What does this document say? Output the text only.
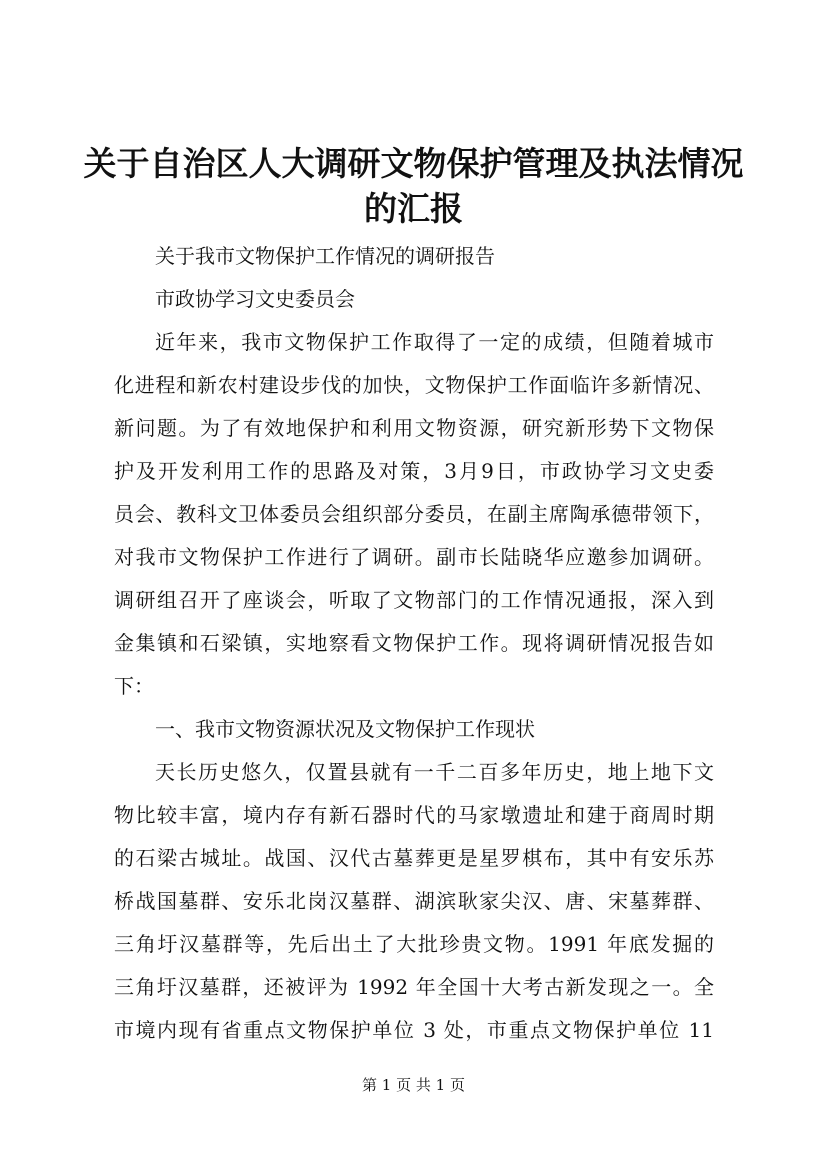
关于自治区人大调研文物保护管理及执法情况
的汇报
关于我市文物保护工作情况的调研报告
市政协学习文史委员会
近年来，我市文物保护工作取得了一定的成绩，但随着城市
化进程和新农村建设步伐的加快，文物保护工作面临许多新情况、
新问题。为了有效地保护和利用文物资源，研究新形势下文物保
护及开发利用工作的思路及对策，3月9日，市政协学习文史委
员会、教科文卫体委员会组织部分委员，在副主席陶承德带领下，
对我市文物保护工作进行了调研。副市长陆晓华应邀参加调研。
调研组召开了座谈会，听取了文物部门的工作情况通报，深入到
金集镇和石梁镇，实地察看文物保护工作。现将调研情况报告如
下：
一、我市文物资源状况及文物保护工作现状
天长历史悠久，仅置县就有一千二百多年历史，地上地下文
物比较丰富，境内存有新石器时代的马家墩遗址和建于商周时期
的石梁古城址。战国、汉代古墓葬更是星罗棋布，其中有安乐苏
桥战国墓群、安乐北岗汉墓群、湖滨耿家尖汉、唐、宋墓葬群、
三角圩汉墓群等，先后出土了大批珍贵文物。1991 年底发掘的
三角圩汉墓群，还被评为 1992 年全国十大考古新发现之一。全
市境内现有省重点文物保护单位 3 处，市重点文物保护单位 11
第 1 页 共 1 页
